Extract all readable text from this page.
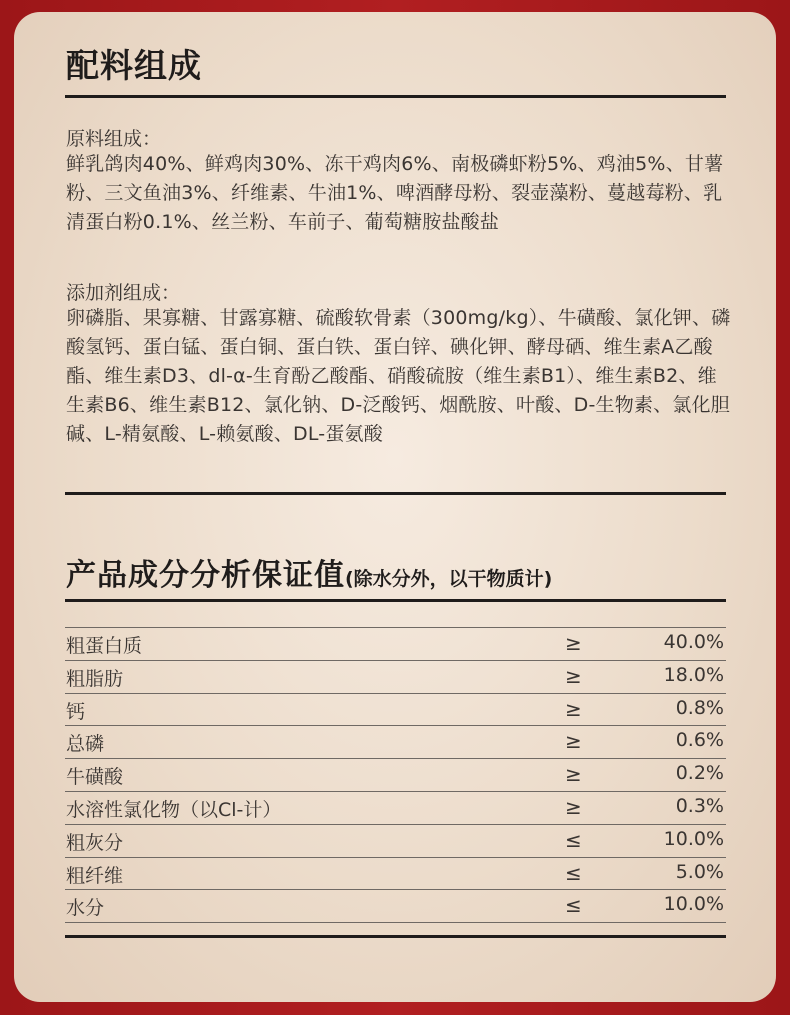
配料组成
原料组成：
鲜乳鸽肉40%、鲜鸡肉30%、冻干鸡肉6%、南极磷虾粉5%、鸡油5%、甘薯粉、三文鱼油3%、纤维素、牛油1%、啤酒酵母粉、裂壶藻粉、蔓越莓粉、乳清蛋白粉0.1%、丝兰粉、车前子、葡萄糖胺盐酸盐
添加剂组成：
卵磷脂、果寡糖、甘露寡糖、硫酸软骨素（300mg/kg）、牛磺酸、氯化钾、磷酸氢钙、蛋白锰、蛋白铜、蛋白铁、蛋白锌、碘化钾、酵母硒、维生素A乙酸酯、维生素D3、dl-α-生育酚乙酸酯、硝酸硫胺（维生素B1）、维生素B2、维生素B6、维生素B12、氯化钠、D-泛酸钙、烟酰胺、叶酸、D-生物素、氯化胆碱、L-精氨酸、L-赖氨酸、DL-蛋氨酸
产品成分分析保证值(除水分外，以干物质计)
粗蛋白质	≥	40.0%
粗脂肪	≥	18.0%
钙	≥	0.8%
总磷	≥	0.6%
牛磺酸	≥	0.2%
水溶性氯化物（以Cl-计）	≥	0.3%
粗灰分	≤	10.0%
粗纤维	≤	5.0%
水分	≤	10.0%
